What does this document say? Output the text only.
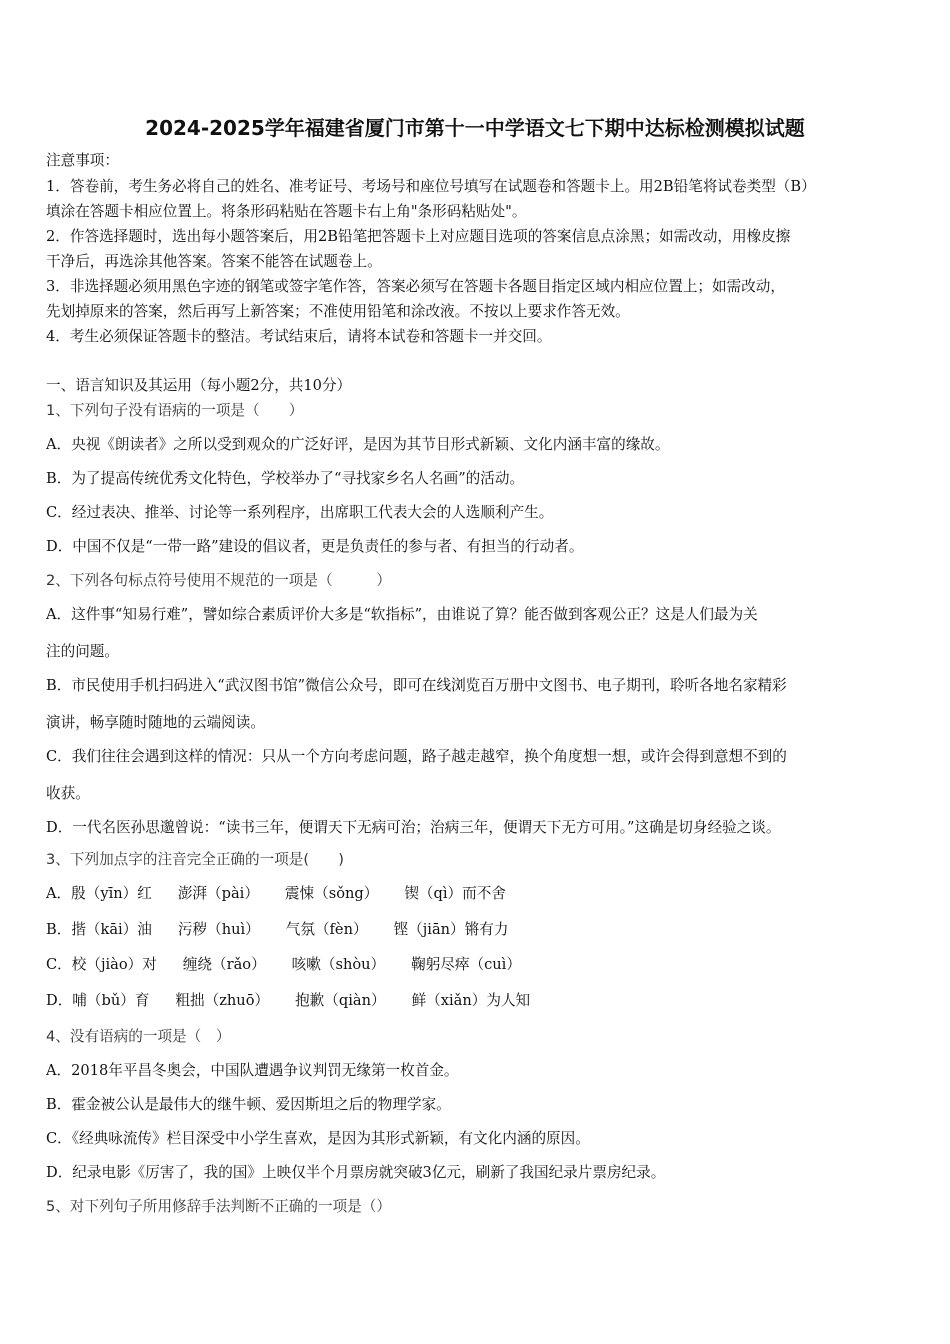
2024-2025学年福建省厦门市第十一中学语文七下期中达标检测模拟试题
注意事项：
1．答卷前，考生务必将自己的姓名、准考证号、考场号和座位号填写在试题卷和答题卡上。用2B铅笔将试卷类型（B）
填涂在答题卡相应位置上。将条形码粘贴在答题卡右上角"条形码粘贴处"。
2．作答选择题时，选出每小题答案后，用2B铅笔把答题卡上对应题目选项的答案信息点涂黑；如需改动，用橡皮擦
干净后，再选涂其他答案。答案不能答在试题卷上。
3．非选择题必须用黑色字迹的钢笔或签字笔作答，答案必须写在答题卡各题目指定区域内相应位置上；如需改动，
先划掉原来的答案，然后再写上新答案；不准使用铅笔和涂改液。不按以上要求作答无效。
4．考生必须保证答题卡的整洁。考试结束后，请将本试卷和答题卡一并交回。
一、语言知识及其运用（每小题2分，共10分）
1、下列句子没有语病的一项是（　　）
A．央视《朗读者》之所以受到观众的广泛好评，是因为其节目形式新颖、文化内涵丰富的缘故。
B．为了提高传统优秀文化特色，学校举办了“寻找家乡名人名画”的活动。
C．经过表决、推举、讨论等一系列程序，出席职工代表大会的人选顺利产生。
D．中国不仅是“一带一路”建设的倡议者，更是负责任的参与者、有担当的行动者。
2、下列各句标点符号使用不规范的一项是（　　　）
A．这件事“知易行难”，譬如综合素质评价大多是“软指标”，由谁说了算？能否做到客观公正？这是人们最为关
注的问题。
B．市民使用手机扫码进入“武汉图书馆”微信公众号，即可在线浏览百万册中文图书、电子期刊，聆听各地名家精彩
演讲，畅享随时随地的云端阅读。
C．我们往往会遇到这样的情况：只从一个方向考虑问题，路子越走越窄，换个角度想一想，或许会得到意想不到的
收获。
D．一代名医孙思邈曾说：“读书三年，便谓天下无病可治；治病三年，便谓天下无方可用。”这确是切身经验之谈。
3、下列加点字的注音完全正确的一项是(　　)
A．殷（yīn）红 澎湃（pài） 震悚（sǒng） 锲（qì）而不舍
B．揩（kāi）油 污秽（huì） 气氛（fèn） 铿（jiān）锵有力
C．校（jiào）对 缠绕（rǎo） 咳嗽（shòu） 鞠躬尽瘁（cuì）
D．哺（bǔ）育 粗拙（zhuō） 抱歉（qiàn） 鲜（xiǎn）为人知
4、没有语病的一项是（　）
A．2018年平昌冬奥会，中国队遭遇争议判罚无缘第一枚首金。
B．霍金被公认是最伟大的继牛顿、爱因斯坦之后的物理学家。
C．《经典咏流传》栏目深受中小学生喜欢，是因为其形式新颖，有文化内涵的原因。
D．纪录电影《厉害了，我的国》上映仅半个月票房就突破3亿元，刷新了我国纪录片票房纪录。
5、对下列句子所用修辞手法判断不正确的一项是（）
